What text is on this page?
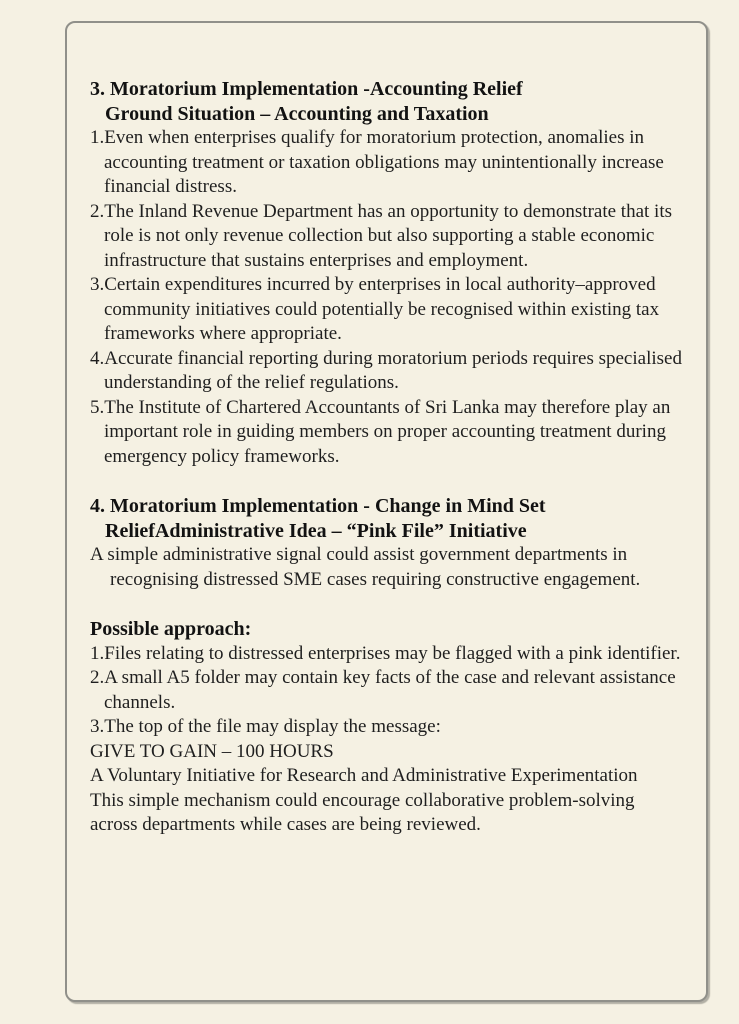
3. Moratorium Implementation -Accounting Relief
Ground Situation – Accounting and Taxation
1.Even when enterprises qualify for moratorium protection, anomalies in accounting treatment or taxation obligations may unintentionally increase financial distress.
2.The Inland Revenue Department has an opportunity to demonstrate that its role is not only revenue collection but also supporting a stable economic infrastructure that sustains enterprises and employment.
3.Certain expenditures incurred by enterprises in local authority–approved community initiatives could potentially be recognised within existing tax frameworks where appropriate.
4.Accurate financial reporting during moratorium periods requires specialised understanding of the relief regulations.
5.The Institute of Chartered Accountants of Sri Lanka may therefore play an important role in guiding members on proper accounting treatment during emergency policy frameworks.
4. Moratorium Implementation - Change in Mind Set
ReliefAdministrative Idea – “Pink File” Initiative
A simple administrative signal could assist government departments in recognising distressed SME cases requiring constructive engagement.
Possible approach:
1.Files relating to distressed enterprises may be flagged with a pink identifier.
2.A small A5 folder may contain key facts of the case and relevant assistance channels.
3.The top of the file may display the message:
GIVE TO GAIN – 100 HOURS
A Voluntary Initiative for Research and Administrative Experimentation
This simple mechanism could encourage collaborative problem-solving across departments while cases are being reviewed.
